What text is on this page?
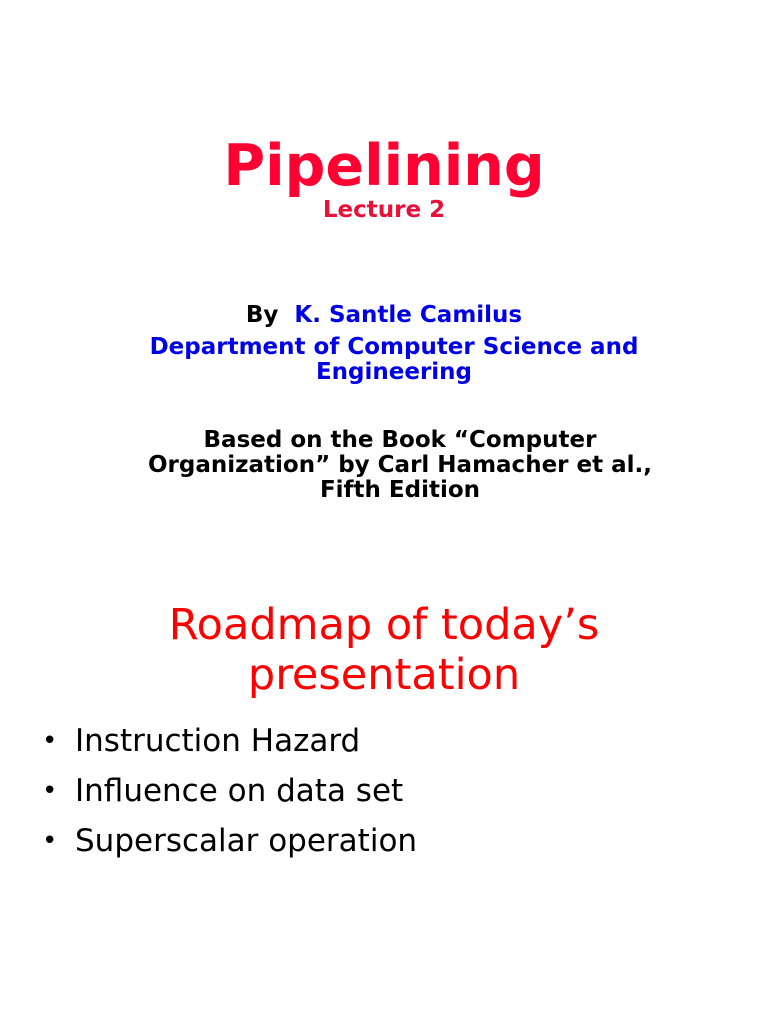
Pipelining
Lecture 2
By K. Santle Camilus
Department of Computer Science and Engineering
Based on the Book “Computer
Organization” by Carl Hamacher et al.,
Fifth Edition
Roadmap of today’s
presentation
• Instruction Hazard
• Influence on data set
• Superscalar operation
